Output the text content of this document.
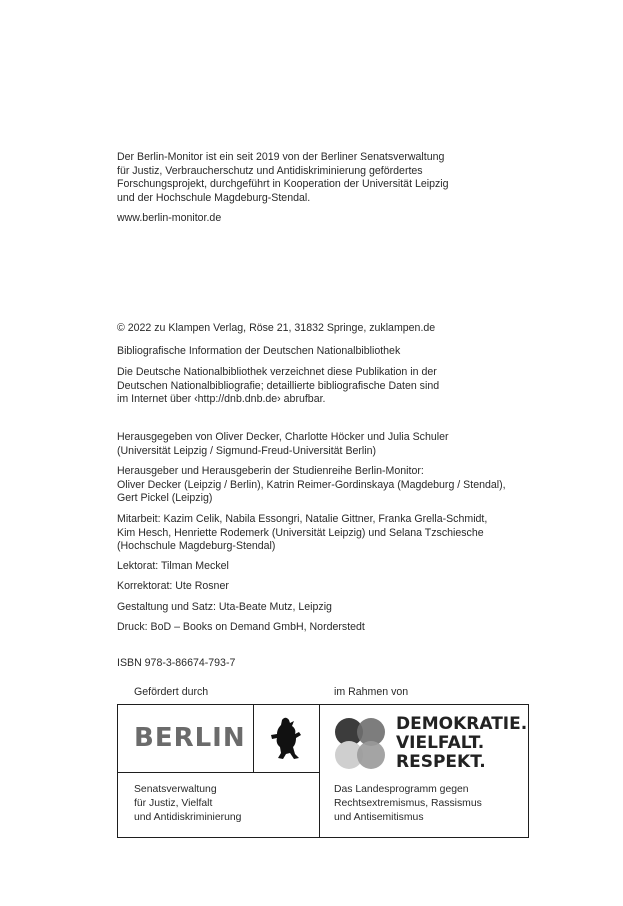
Der Berlin-Monitor ist ein seit 2019 von der Berliner Senatsverwaltung
für Justiz, Verbraucherschutz und Antidiskriminierung gefördertes
Forschungsprojekt, durchgeführt in Kooperation der Universität Leipzig
und der Hochschule Magdeburg-Stendal.
www.berlin-monitor.de
© 2022 zu Klampen Verlag, Röse 21, 31832 Springe, zuklampen.de
Bibliografische Information der Deutschen Nationalbibliothek
Die Deutsche Nationalbibliothek verzeichnet diese Publikation in der
Deutschen Nationalbibliografie; detaillierte bibliografische Daten sind
im Internet über ‹http://dnb.dnb.de› abrufbar.
Herausgegeben von Oliver Decker, Charlotte Höcker und Julia Schuler
(Universität Leipzig / Sigmund-Freud-Universität Berlin)
Herausgeber und Herausgeberin der Studienreihe Berlin-Monitor:
Oliver Decker (Leipzig / Berlin), Katrin Reimer-Gordinskaya (Magdeburg / Stendal),
Gert Pickel (Leipzig)
Mitarbeit: Kazim Celik, Nabila Essongri, Natalie Gittner, Franka Grella-Schmidt,
Kim Hesch, Henriette Rodemerk (Universität Leipzig) und Selana Tzschiesche
(Hochschule Magdeburg-Stendal)
Lektorat: Tilman Meckel
Korrektorat: Ute Rosner
Gestaltung und Satz: Uta-Beate Mutz, Leipzig
Druck: BoD – Books on Demand GmbH, Norderstedt
ISBN 978-3-86674-793-7
Gefördert durch	im Rahmen von
BERLIN
Senatsverwaltung
für Justiz, Vielfalt
und Antidiskriminierung
DEMOKRATIE.
VIELFALT.
RESPEKT.
Das Landesprogramm gegen
Rechtsextremismus, Rassismus
und Antisemitismus
